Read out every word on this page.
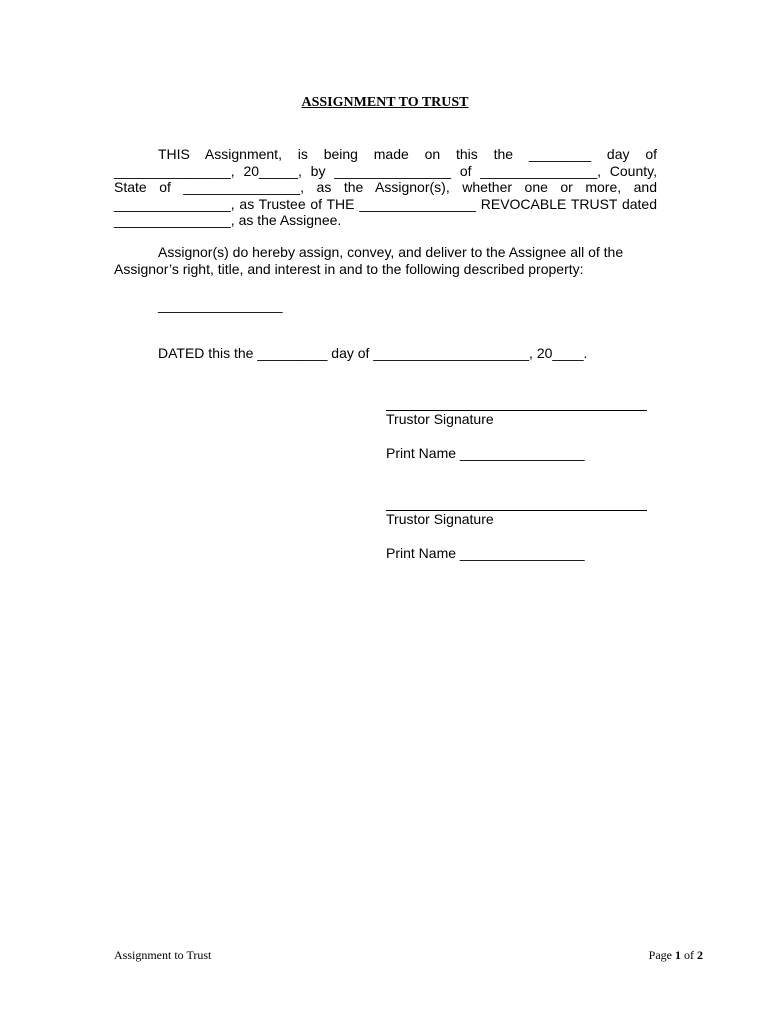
ASSIGNMENT TO TRUST
THIS Assignment, is being made on this the ________ day of _______________, 20_____, by _______________ of _______________, County, State of _______________, as the Assignor(s), whether one or more, and _______________, as Trustee of THE _______________ REVOCABLE TRUST dated _______________, as the Assignee.
Assignor(s) do hereby assign, convey, and deliver to the Assignee all of the Assignor’s right, title, and interest in and to the following described property:
________________
DATED this the _________ day of ____________________, 20____.
Trustor Signature
Print Name ________________
Trustor Signature
Print Name ________________
Assignment to Trust	Page 1 of 2
